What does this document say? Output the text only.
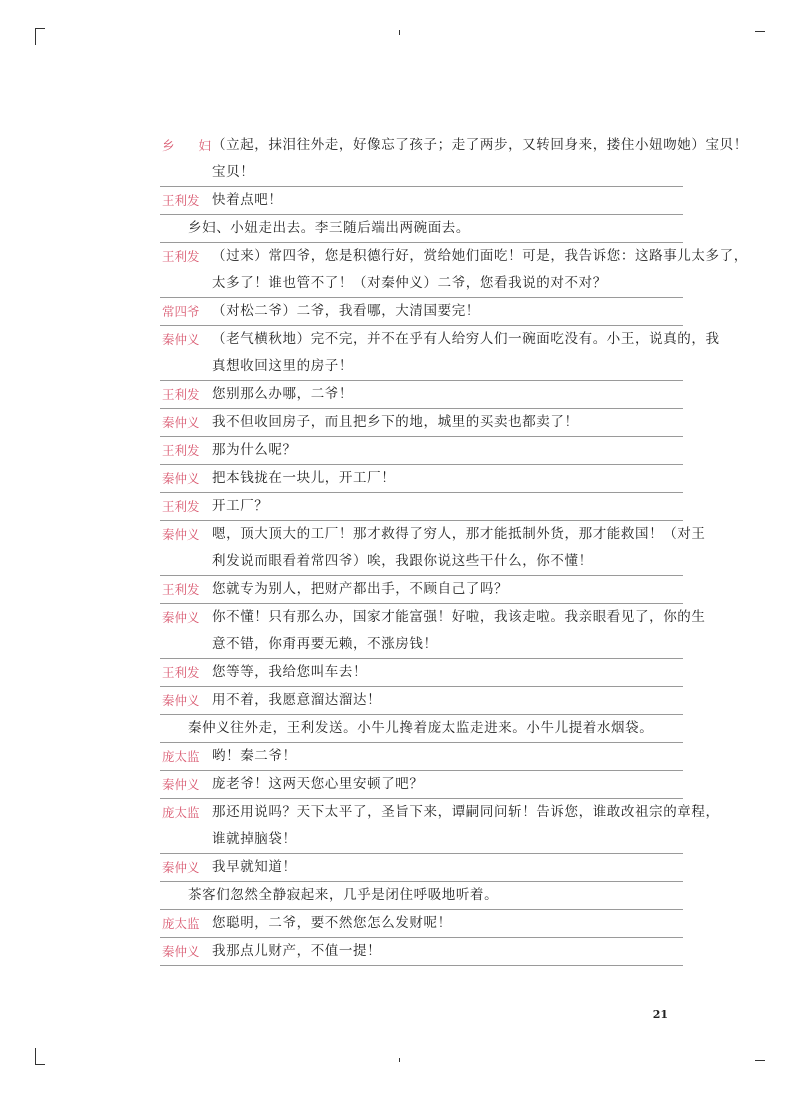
乡 妇
（立起，抹泪往外走，好像忘了孩子；走了两步，又转回身来，搂住小妞吻她）宝贝！
宝贝！
王利发 快着点吧！
乡妇、小妞走出去。李三随后端出两碗面去。
王利发 （过来）常四爷，您是积德行好，赏给她们面吃！可是，我告诉您：这路事儿太多了，
太多了！谁也管不了！（对秦仲义）二爷，您看我说的对不对？
常四爷 （对松二爷）二爷，我看哪，大清国要完！
秦仲义 （老气横秋地）完不完，并不在乎有人给穷人们一碗面吃没有。小王，说真的，我
真想收回这里的房子！
王利发 您别那么办哪，二爷！
秦仲义 我不但收回房子，而且把乡下的地，城里的买卖也都卖了！
王利发 那为什么呢？
秦仲义 把本钱拢在一块儿，开工厂！
王利发 开工厂？
秦仲义 嗯，顶大顶大的工厂！那才救得了穷人，那才能抵制外货，那才能救国！（对王
利发说而眼看着常四爷）唉，我跟你说这些干什么，你不懂！
王利发 您就专为别人，把财产都出手，不顾自己了吗？
秦仲义 你不懂！只有那么办，国家才能富强！好啦，我该走啦。我亲眼看见了，你的生
意不错，你甭再要无赖，不涨房钱！
王利发 您等等，我给您叫车去！
秦仲义 用不着，我愿意溜达溜达！
秦仲义往外走，王利发送。小牛儿搀着庞太监走进来。小牛儿提着水烟袋。
庞太监 哟！秦二爷！
秦仲义 庞老爷！这两天您心里安顿了吧？
庞太监 那还用说吗？天下太平了，圣旨下来，谭嗣同问斩！告诉您，谁敢改祖宗的章程，
谁就掉脑袋！
秦仲义 我早就知道！
茶客们忽然全静寂起来，几乎是闭住呼吸地听着。
庞太监 您聪明，二爷，要不然您怎么发财呢！
秦仲义 我那点儿财产，不值一提！
21
